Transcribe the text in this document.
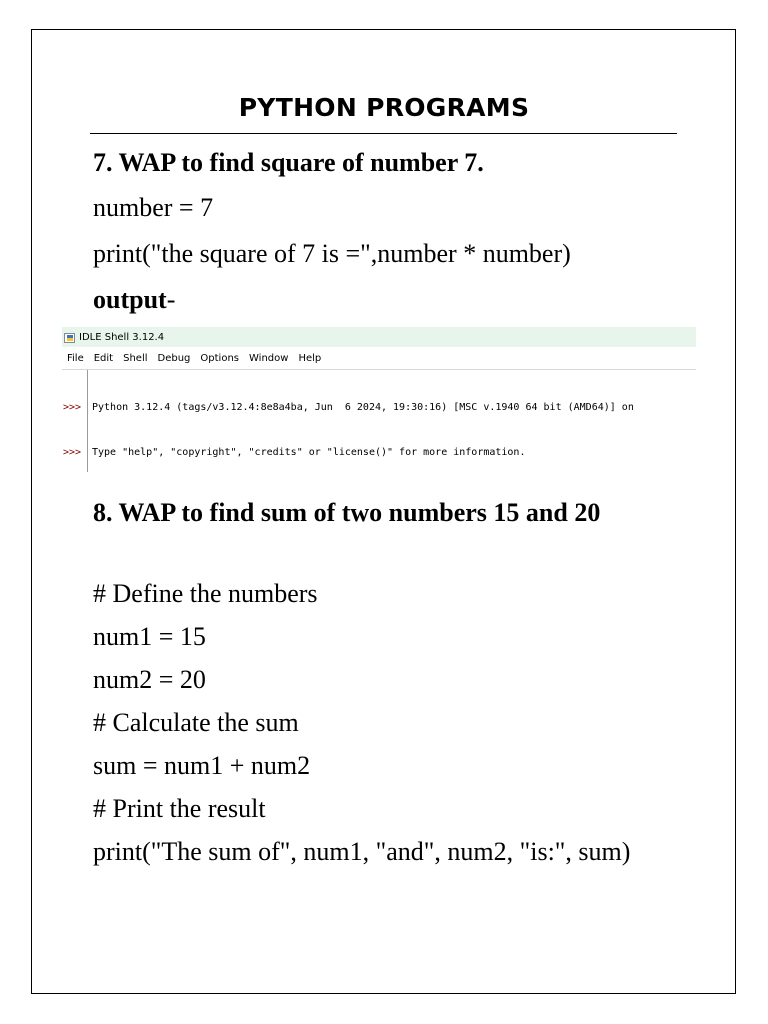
PYTHON PROGRAMS

7. WAP to find square of number 7.

number = 7

print("the square of 7 is =",number * number)

output-

IDLE Shell 3.12.4
File Edit Shell Debug Options Window Help
>>>
>>>

Python 3.12.4 (tags/v3.12.4:8e8a4ba, Jun  6 2024, 19:30:16) [MSC v.1940 64 bit (AMD64)] on

Type "help", "copyright", "credits" or "license()" for more information.

8. WAP to find sum of two numbers 15 and 20

# Define the numbers

num1 = 15

num2 = 20

# Calculate the sum

sum = num1 + num2

# Print the result

print("The sum of", num1, "and", num2, "is:", sum)
